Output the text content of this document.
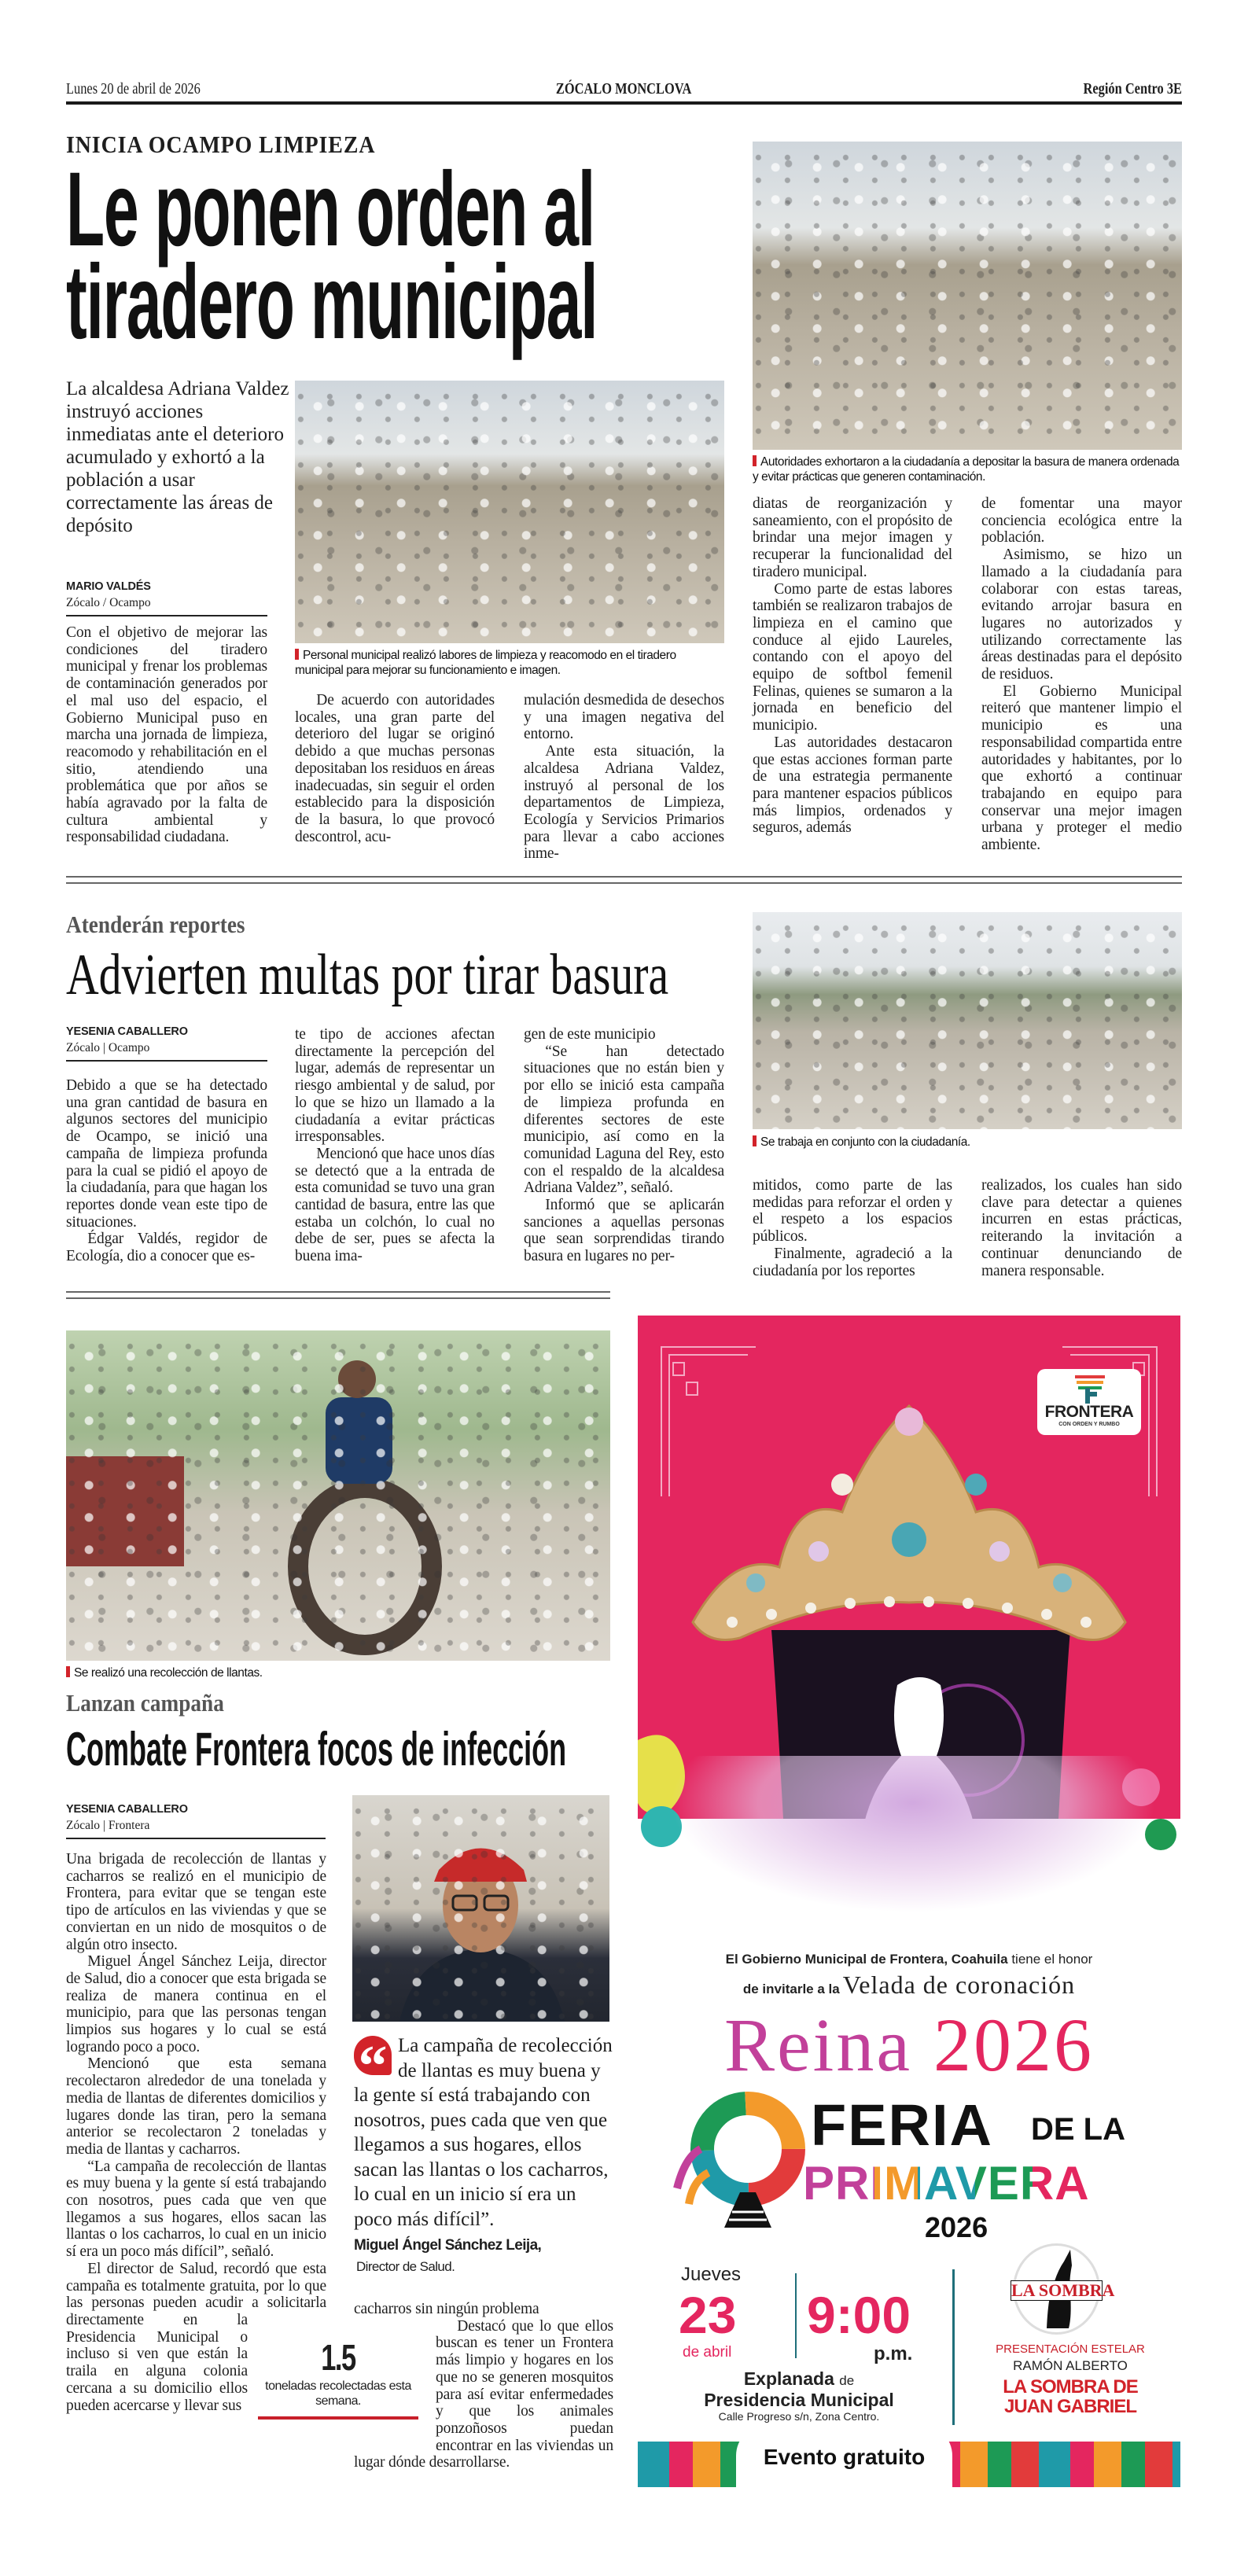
Lunes 20 de abril de 2026	ZÓCALO MONCLOVA	Región Centro 3E
INICIA OCAMPO LIMPIEZA
Le ponen orden al
tiradero municipal
Autoridades exhortaron a la ciudadanía a depositar la basura de manera ordenada y evitar prácticas que generen contaminación.
La alcaldesa Adriana Valdez instruyó acciones inmediatas ante el deterioro acumulado y exhortó a la población a usar correctamente las áreas de depósito
Personal municipal realizó labores de limpieza y reacomodo en el tiradero municipal para mejorar su funcionamiento e imagen.
MARIO VALDÉS
Zócalo / Ocampo

Con el objetivo de mejorar las condiciones del tiradero municipal y frenar los problemas de contaminación generados por el mal uso del espacio, el Gobierno Municipal puso en marcha una jornada de limpieza, reacomodo y rehabilitación en el sitio, atendiendo una problemática que por años se había agravado por la falta de cultura ambiental y responsabilidad ciudadana.

De acuerdo con autoridades locales, una gran parte del deterioro del lugar se originó debido a que muchas personas depositaban los residuos en áreas inadecuadas, sin seguir el orden establecido para la disposición de la basura, lo que provocó descontrol, acu-

mulación desmedida de desechos y una imagen negativa del entorno.

Ante esta situación, la alcaldesa Adriana Valdez, instruyó al personal de los departamentos de Limpieza, Ecología y Servicios Primarios para llevar a cabo acciones inme-

diatas de reorganización y saneamiento, con el propósito de brindar una mejor imagen y recuperar la funcionalidad del tiradero municipal.

Como parte de estas labores también se realizaron trabajos de limpieza en el camino que conduce al ejido Laureles, contando con el apoyo del equipo de softbol femenil Felinas, quienes se sumaron a la jornada en beneficio del municipio.

Las autoridades destacaron que estas acciones forman parte de una estrategia permanente para mantener espacios públicos más limpios, ordenados y seguros, además

de fomentar una mayor conciencia ecológica entre la población.

Asimismo, se hizo un llamado a la ciudadanía para colaborar con estas tareas, evitando arrojar basura en lugares no autorizados y utilizando correctamente las áreas destinadas para el depósito de residuos.

El Gobierno Municipal reiteró que mantener limpio el municipio es una responsabilidad compartida entre autoridades y habitantes, por lo que exhortó a continuar trabajando en equipo para conservar una mejor imagen urbana y proteger el medio ambiente.

Atenderán reportes
Advierten multas por tirar basura
Se trabaja en conjunto con la ciudadanía.
YESENIA CABALLERO
Zócalo | Ocampo

Debido a que se ha detectado una gran cantidad de basura en algunos sectores del municipio de Ocampo, se inició una campaña de limpieza profunda para la cual se pidió el apoyo de la ciudadanía, para que hagan los reportes donde vean este tipo de situaciones.

Édgar Valdés, regidor de Ecología, dio a conocer que es-

te tipo de acciones afectan directamente la percepción del lugar, además de representar un riesgo ambiental y de salud, por lo que se hizo un llamado a la ciudadanía a evitar prácticas irresponsables.

Mencionó que hace unos días se detectó que a la entrada de esta comunidad se tuvo una gran cantidad de basura, entre las que estaba un colchón, lo cual no debe de ser, pues se afecta la buena ima-

gen de este municipio

“Se han detectado situaciones que no están bien y por ello se inició esta campaña de limpieza profunda en diferentes sectores de este municipio, así como en la comunidad Laguna del Rey, esto con el respaldo de la alcaldesa Adriana Valdez”, señaló.

Informó que se aplicarán sanciones a aquellas personas que sean sorprendidas tirando basura en lugares no per-

mitidos, como parte de las medidas para reforzar el orden y el respeto a los espacios públicos.

Finalmente, agradeció a la ciudadanía por los reportes

realizados, los cuales han sido clave para detectar a quienes incurren en estas prácticas, reiterando la invitación a continuar denunciando de manera responsable.

Se realizó una recolección de llantas.
Lanzan campaña
Combate Frontera focos de infección
YESENIA CABALLERO
Zócalo | Frontera

Una brigada de recolección de llantas y cacharros se realizó en el municipio de Frontera, para evitar que se tengan este tipo de artículos en las viviendas y que se conviertan en un nido de mosquitos o de algún otro insecto.

Miguel Ángel Sánchez Leija, director de Salud, dio a conocer que esta brigada se realiza de manera continua en el municipio, para que las personas tengan limpios sus hogares y lo cual se está logrando poco a poco.

Mencionó que esta semana recolectaron alrededor de una tonelada y media de llantas de diferentes domicilios y lugares donde las tiran, pero la semana anterior se recolectaron 2 toneladas y media de llantas y cacharros.

“La campaña de recolección de llantas es muy buena y la gente sí está trabajando con nosotros, pues cada que ven que llegamos a sus hogares, ellos sacan las llantas o los cacharros, lo cual en un inicio sí era un poco más difícil”, señaló.

El director de Salud, recordó que esta campaña es totalmente gratuita, por lo que las personas pueden acudir a solicitarla directamente en la Presidencia Municipal o incluso si ven que están la traila en alguna colonia cercana a su domicilio ellos pueden acercarse y llevar sus

“ La campaña de recolección de llantas es muy buena y la gente sí está trabajando con nosotros, pues cada que ven que llegamos a sus hogares, ellos sacan las llantas o los cacharros, lo cual en un inicio sí era un poco más difícil”.
Miguel Ángel Sánchez Leija,
Director de Salud.

cacharros sin ningún problema

Destacó que lo que ellos buscan es tener un Frontera más limpio y hogares en los que no se generen mosquitos para así evitar enfermedades y que los animales ponzoñosos puedan encontrar en las viviendas un lugar dónde desarrollarse.

1.5
toneladas recolectadas esta semana.
FRONTERA
CON ORDEN Y RUMBO
El Gobierno Municipal de Frontera, Coahuila tiene el honor
de invitarle a la Velada de coronación
Reina 2026
FERIA DE LA
PRIMAVERA
2026
Jueves
23
de abril
9:00
p.m.
Explanada de
Presidencia Municipal
Calle Progreso s/n, Zona Centro.
LA SOMBRA
PRESENTACIÓN ESTELAR
RAMÓN ALBERTO
LA SOMBRA DE JUAN GABRIEL
Evento gratuito
